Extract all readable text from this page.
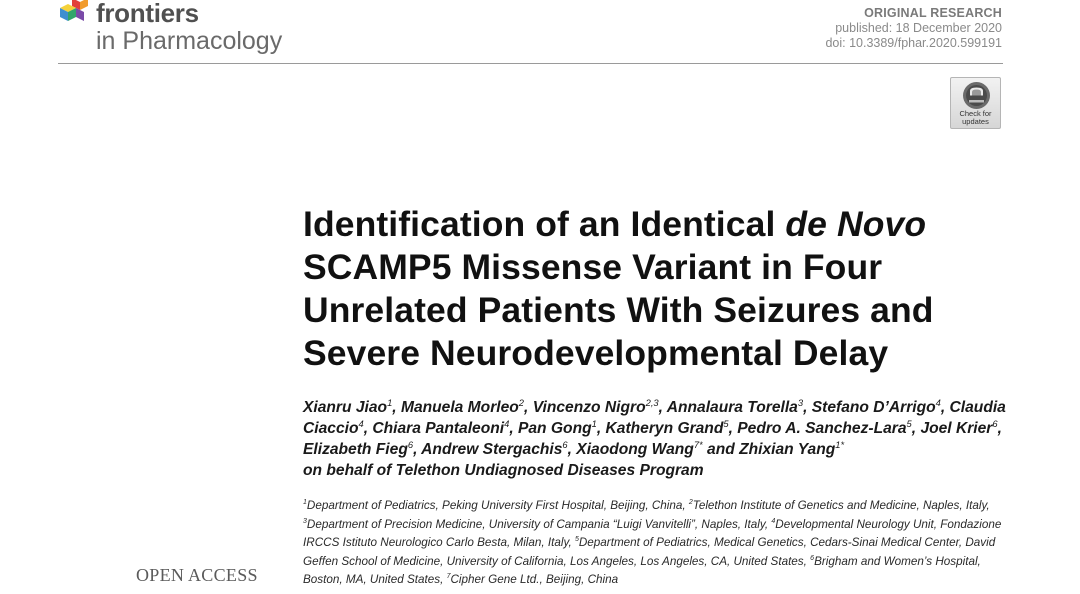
frontiers
in Pharmacology
ORIGINAL RESEARCH
published: 18 December 2020
doi: 10.3389/fphar.2020.599191
Check for
updates
Identification of an Identical de Novo SCAMP5 Missense Variant in Four Unrelated Patients With Seizures and Severe Neurodevelopmental Delay

Xianru Jiao$^1$, Manuela Morleo$^2$, Vincenzo Nigro$^{2,3}$, Annalaura Torella$^3$, Stefano D’Arrigo$^4$, Claudia Ciaccio$^4$, Chiara Pantaleoni$^4$, Pan Gong$^1$, Katheryn Grand$^5$, Pedro A. Sanchez-Lara$^5$, Joel Krier$^6$, Elizabeth Fieg$^6$, Andrew Stergachis$^6$, Xiaodong Wang$^{7*}$ and Zhixian Yang$^{1*}$
on behalf of Telethon Undiagnosed Diseases Program

$^1$Department of Pediatrics, Peking University First Hospital, Beijing, China, $^2$Telethon Institute of Genetics and Medicine, Naples, Italy, $^3$Department of Precision Medicine, University of Campania “Luigi Vanvitelli”, Naples, Italy, $^4$Developmental Neurology Unit, Fondazione IRCCS Istituto Neurologico Carlo Besta, Milan, Italy, $^5$Department of Pediatrics, Medical Genetics, Cedars-Sinai Medical Center, David Geffen School of Medicine, University of California, Los Angeles, Los Angeles, CA, United States, $^6$Brigham and Women’s Hospital, Boston, MA, United States, $^7$Cipher Gene Ltd., Beijing, China

OPEN ACCESS
